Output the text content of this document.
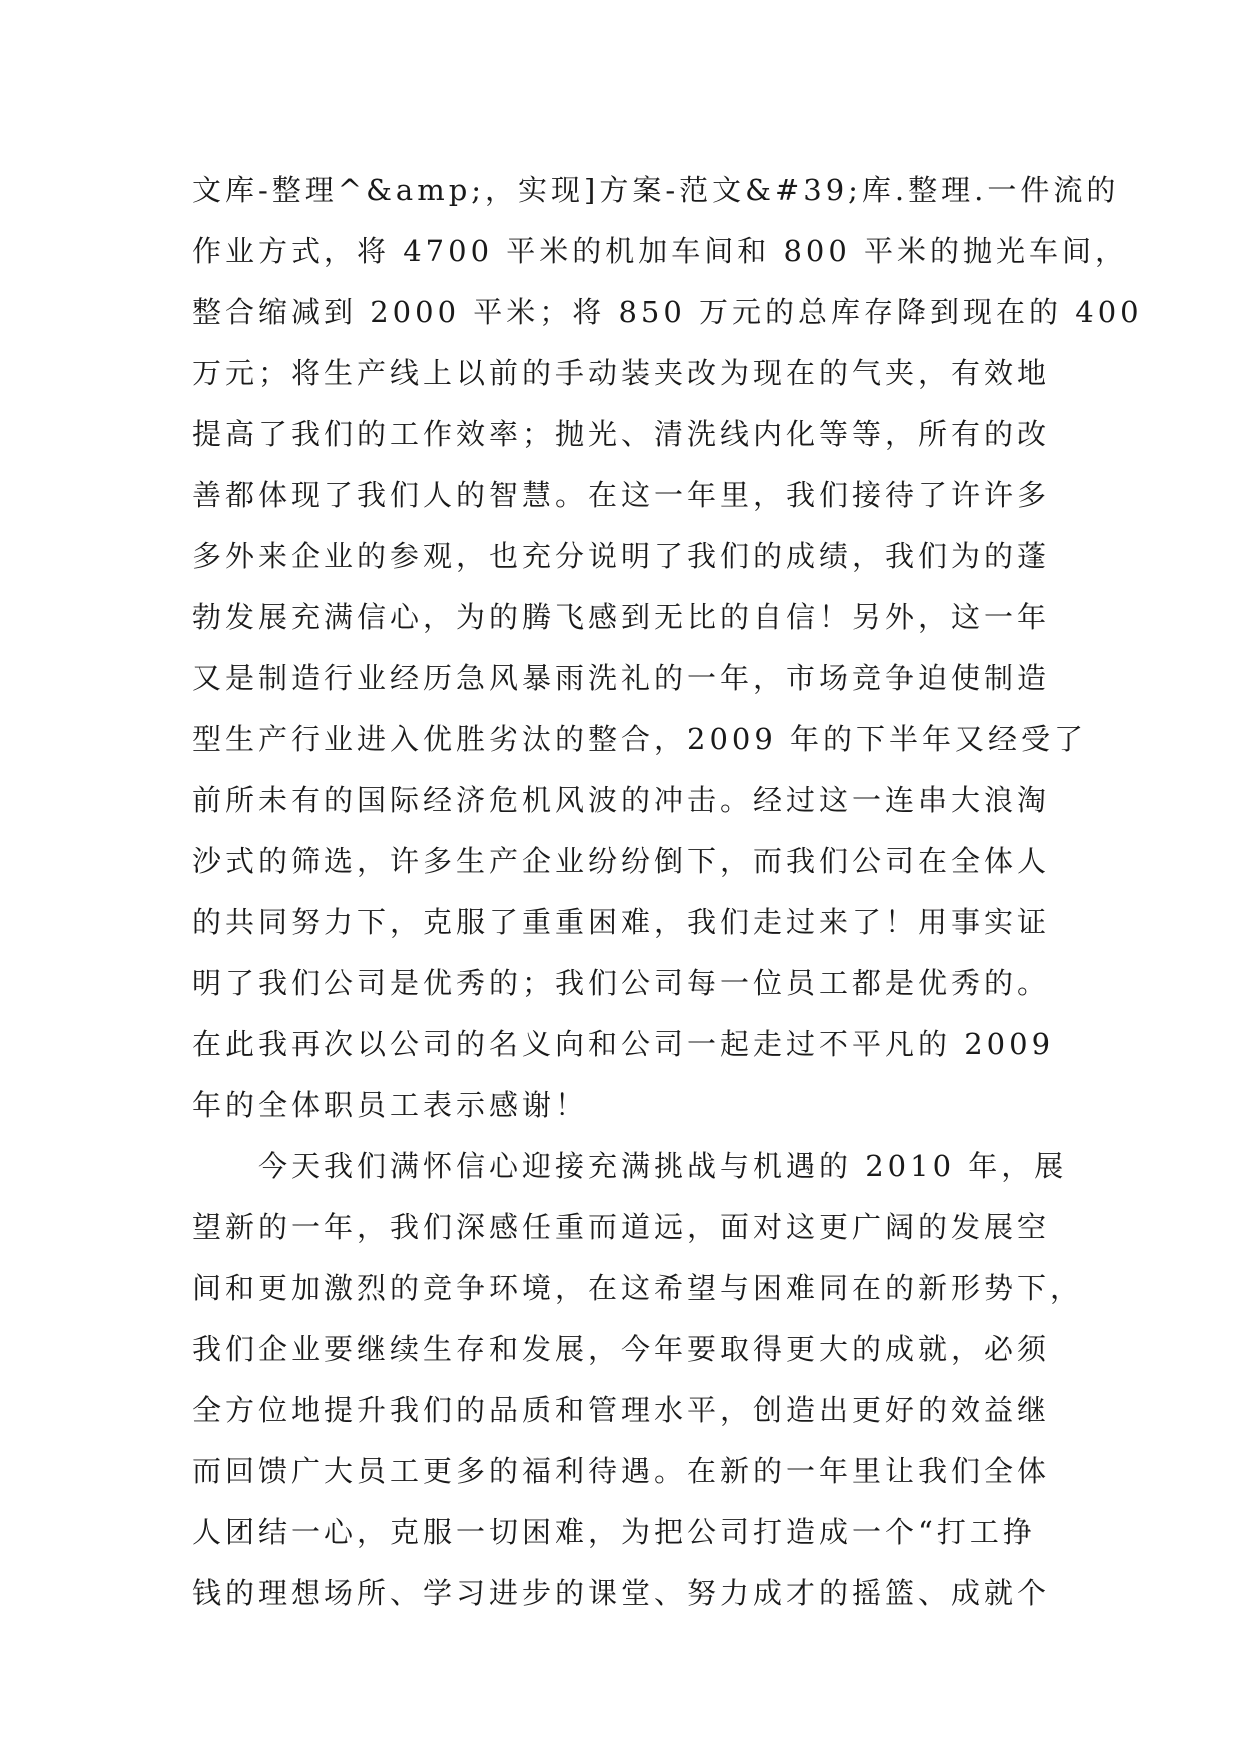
文库-整理^&amp;，实现]方案-范文&#39;库.整理.一件流的
作业方式，将 4700 平米的机加车间和 800 平米的抛光车间，
整合缩减到 2000 平米；将 850 万元的总库存降到现在的 400
万元；将生产线上以前的手动装夹改为现在的气夹，有效地
提高了我们的工作效率；抛光、清洗线内化等等，所有的改
善都体现了我们人的智慧。在这一年里，我们接待了许许多
多外来企业的参观，也充分说明了我们的成绩，我们为的蓬
勃发展充满信心，为的腾飞感到无比的自信！另外，这一年
又是制造行业经历急风暴雨洗礼的一年，市场竞争迫使制造
型生产行业进入优胜劣汰的整合，2009 年的下半年又经受了
前所未有的国际经济危机风波的冲击。经过这一连串大浪淘
沙式的筛选，许多生产企业纷纷倒下，而我们公司在全体人
的共同努力下，克服了重重困难，我们走过来了！用事实证
明了我们公司是优秀的；我们公司每一位员工都是优秀的。
在此我再次以公司的名义向和公司一起走过不平凡的 2009
年的全体职员工表示感谢！
今天我们满怀信心迎接充满挑战与机遇的 2010 年，展
望新的一年，我们深感任重而道远，面对这更广阔的发展空
间和更加激烈的竞争环境，在这希望与困难同在的新形势下，
我们企业要继续生存和发展，今年要取得更大的成就，必须
全方位地提升我们的品质和管理水平，创造出更好的效益继
而回馈广大员工更多的福利待遇。在新的一年里让我们全体
人团结一心，克服一切困难，为把公司打造成一个“打工挣
钱的理想场所、学习进步的课堂、努力成才的摇篮、成就个
